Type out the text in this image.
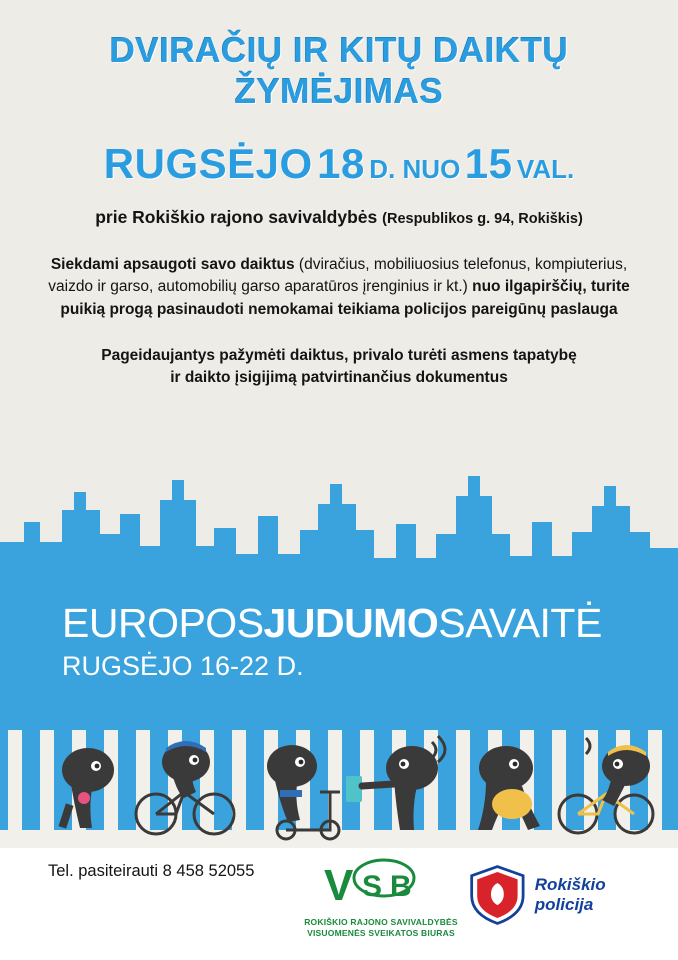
DVIRAČIŲ IR KITŲ DAIKTŲ
ŽYMĖJIMAS
RUGSĖJO 18 D. NUO 15 VAL.
prie Rokiškio rajono savivaldybės (Respublikos g. 94, Rokiškis)
Siekdami apsaugoti savo daiktus (dviračius, mobiliuosius telefonus, kompiuterius, vaizdo ir garso, automobilių garso aparatūros įrenginius ir kt.) nuo ilgapirščių, turite puikią progą pasinaudoti nemokamai teikiama policijos pareigūnų paslauga
Pageidaujantys pažymėti daiktus, privalo turėti asmens tapatybę
ir daikto įsigijimą patvirtinančius dokumentus
EUROPOSJUDUMOSAVAITĖ
RUGSĖJO 16-22 D.
Tel. pasiteirauti 8 458 52055 V S B
ROKIŠKIO RAJONO SAVIVALDYBĖS
VISUOMENĖS SVEIKATOS BIURAS
Rokiškio policija
